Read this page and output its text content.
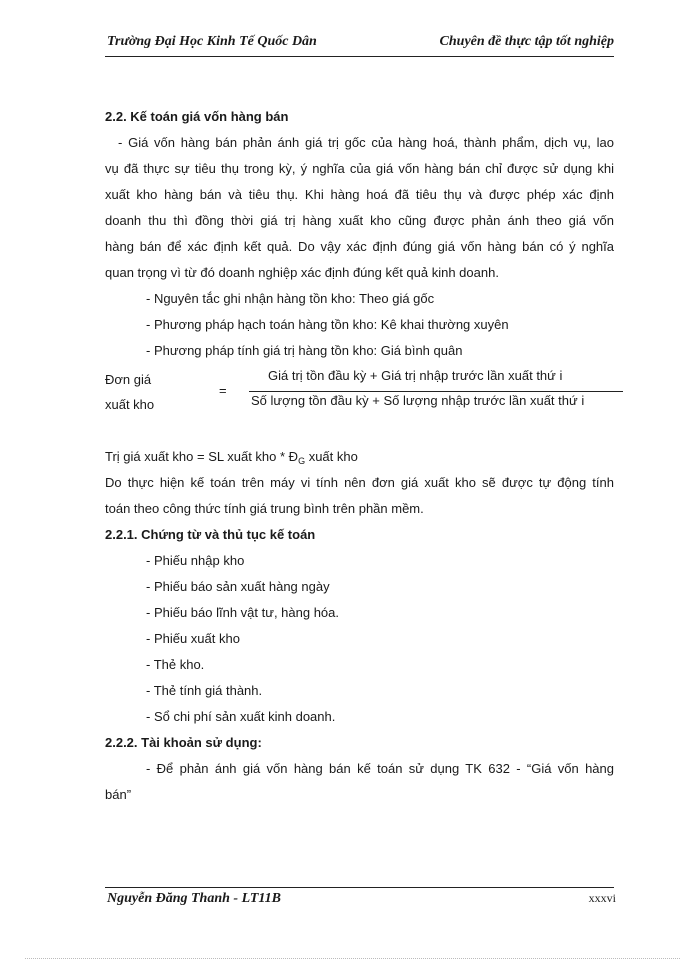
Trường Đại Học Kinh Tế Quốc Dân	Chuyên đề thực tập tốt nghiệp
2.2. Kế toán giá vốn hàng bán
- Giá vốn hàng bán phản ánh giá trị gốc của hàng hoá, thành phẩm, dịch vụ, lao
vụ đã thực sự tiêu thụ trong kỳ, ý nghĩa của giá vốn hàng bán chỉ được sử dụng khi
xuất kho hàng bán và tiêu thụ. Khi hàng hoá đã tiêu thụ và được phép xác định
doanh thu thì đồng thời giá trị hàng xuất kho cũng được phản ánh theo giá vốn
hàng bán để xác định kết quả. Do vậy xác định đúng giá vốn hàng bán có ý nghĩa
quan trọng vì từ đó doanh nghiệp xác định đúng kết quả kinh doanh.
- Nguyên tắc ghi nhận hàng tồn kho: Theo giá gốc
- Phương pháp hạch toán hàng tồn kho: Kê khai thường xuyên
- Phương pháp tính giá trị hàng tồn kho: Giá bình quân
Đơn giá
xuất kho
=
Giá trị tồn đầu kỳ + Giá trị nhập trước lần xuất thứ i
Số lượng tồn đầu kỳ + Số lượng nhập trước lần xuất thứ i
Trị giá xuất kho = SL xuất kho * $Đ_G$ xuất kho
Do thực hiện kế toán trên máy vi tính nên đơn giá xuất kho sẽ được tự động tính
toán theo công thức tính giá trung bình trên phần mềm.
2.2.1. Chứng từ và thủ tục kế toán
- Phiếu nhập kho
- Phiếu báo sản xuất hàng ngày
- Phiếu báo lĩnh vật tư, hàng hóa.
- Phiếu xuất kho
- Thẻ kho.
- Thẻ tính giá thành.
- Sổ chi phí sản xuất kinh doanh.
2.2.2. Tài khoản sử dụng:
- Để phản ánh giá vốn hàng bán kế toán sử dụng TK 632 - “Giá vốn hàng
bán”
Nguyễn Đăng Thanh - LT11B	xxxvi
